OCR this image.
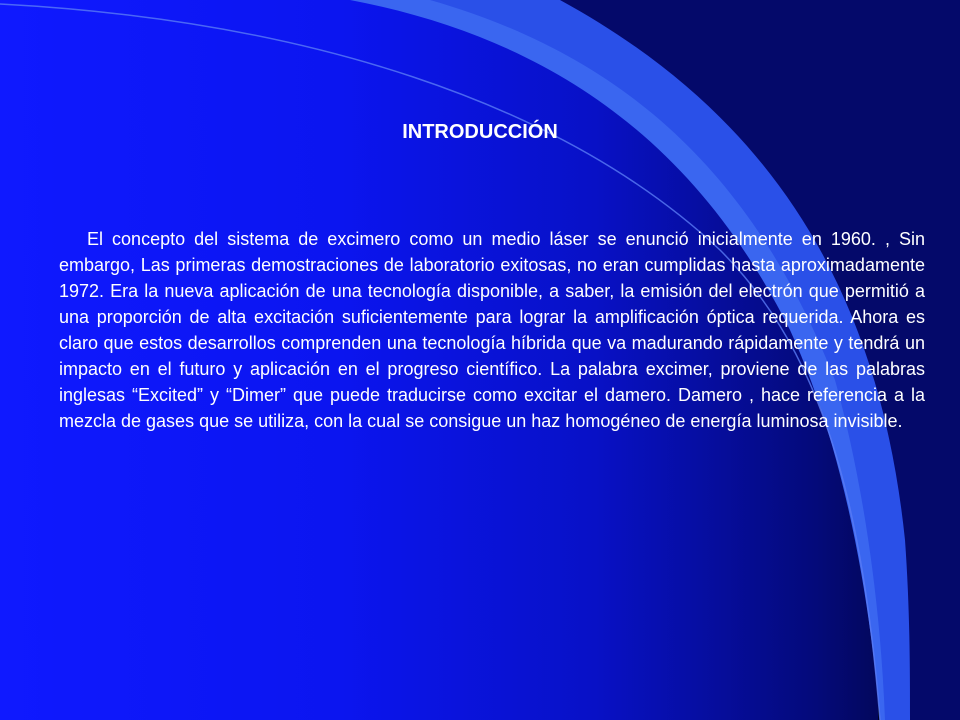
INTRODUCCIÓN

El concepto del sistema de excimero como un medio láser se enunció inicialmente en 1960. , Sin embargo, Las primeras demostraciones de laboratorio exitosas, no eran cumplidas hasta aproximadamente 1972. Era la nueva aplicación de una tecnología disponible, a saber, la emisión del electrón que permitió a una proporción de alta excitación suficientemente para lograr la amplificación óptica requerida. Ahora es claro que estos desarrollos comprenden una tecnología híbrida que va madurando rápidamente y tendrá un impacto en el futuro y aplicación en el progreso científico. La palabra excimer, proviene de las palabras inglesas “Excited” y “Dimer” que puede traducirse como excitar el damero. Damero , hace referencia a la mezcla de gases que se utiliza, con la cual se consigue un haz homogéneo de energía luminosa invisible.
